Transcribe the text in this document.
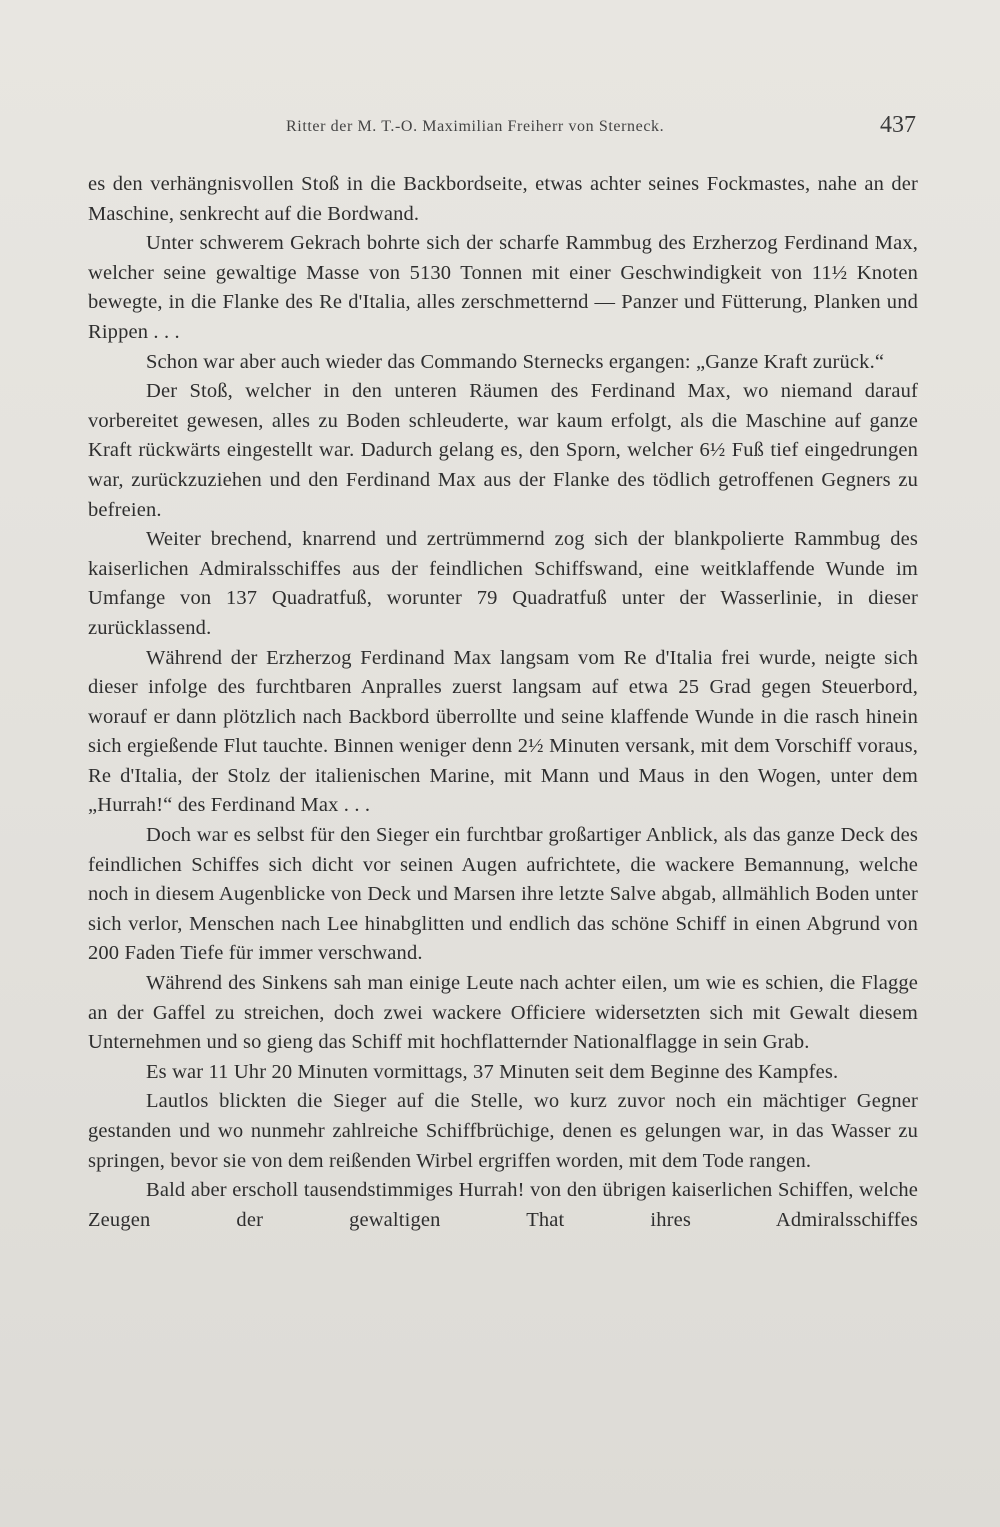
Ritter der M. T.-O. Maximilian Freiherr von Sterneck.	437

es den verhängnisvollen Stoß in die Backbordseite, etwas achter seines Fockmastes, nahe an der Maschine, senkrecht auf die Bordwand.

Unter schwerem Gekrach bohrte sich der scharfe Rammbug des Erzherzog Ferdinand Max, welcher seine gewaltige Masse von 5130 Tonnen mit einer Geschwindigkeit von 11½ Knoten bewegte, in die Flanke des Re d'Italia, alles zerschmetternd — Panzer und Fütterung, Planken und Rippen . . .

Schon war aber auch wieder das Commando Sternecks ergangen: „Ganze Kraft zurück.“

Der Stoß, welcher in den unteren Räumen des Ferdinand Max, wo niemand darauf vorbereitet gewesen, alles zu Boden schleuderte, war kaum erfolgt, als die Maschine auf ganze Kraft rückwärts eingestellt war. Dadurch gelang es, den Sporn, welcher 6½ Fuß tief eingedrungen war, zurückzuziehen und den Ferdinand Max aus der Flanke des tödlich getroffenen Gegners zu befreien.

Weiter brechend, knarrend und zertrümmernd zog sich der blankpolierte Rammbug des kaiserlichen Admiralsschiffes aus der feindlichen Schiffswand, eine weitklaffende Wunde im Umfange von 137 Quadratfuß, worunter 79 Quadratfuß unter der Wasserlinie, in dieser zurücklassend.

Während der Erzherzog Ferdinand Max langsam vom Re d'Italia frei wurde, neigte sich dieser infolge des furchtbaren Anpralles zuerst langsam auf etwa 25 Grad gegen Steuerbord, worauf er dann plötzlich nach Backbord überrollte und seine klaffende Wunde in die rasch hinein sich ergießende Flut tauchte. Binnen weniger denn 2½ Minuten versank, mit dem Vorschiff voraus, Re d'Italia, der Stolz der italienischen Marine, mit Mann und Maus in den Wogen, unter dem „Hurrah!“ des Ferdinand Max . . .

Doch war es selbst für den Sieger ein furchtbar großartiger Anblick, als das ganze Deck des feindlichen Schiffes sich dicht vor seinen Augen aufrichtete, die wackere Bemannung, welche noch in diesem Augenblicke von Deck und Marsen ihre letzte Salve abgab, allmählich Boden unter sich verlor, Menschen nach Lee hinabglitten und endlich das schöne Schiff in einen Abgrund von 200 Faden Tiefe für immer verschwand.

Während des Sinkens sah man einige Leute nach achter eilen, um wie es schien, die Flagge an der Gaffel zu streichen, doch zwei wackere Officiere widersetzten sich mit Gewalt diesem Unternehmen und so gieng das Schiff mit hochflatternder Nationalflagge in sein Grab.

Es war 11 Uhr 20 Minuten vormittags, 37 Minuten seit dem Beginne des Kampfes.

Lautlos blickten die Sieger auf die Stelle, wo kurz zuvor noch ein mächtiger Gegner gestanden und wo nunmehr zahlreiche Schiffbrüchige, denen es gelungen war, in das Wasser zu springen, bevor sie von dem reißenden Wirbel ergriffen worden, mit dem Tode rangen.

Bald aber erscholl tausendstimmiges Hurrah! von den übrigen kaiserlichen Schiffen, welche Zeugen der gewaltigen That ihres Admiralsschiffes
